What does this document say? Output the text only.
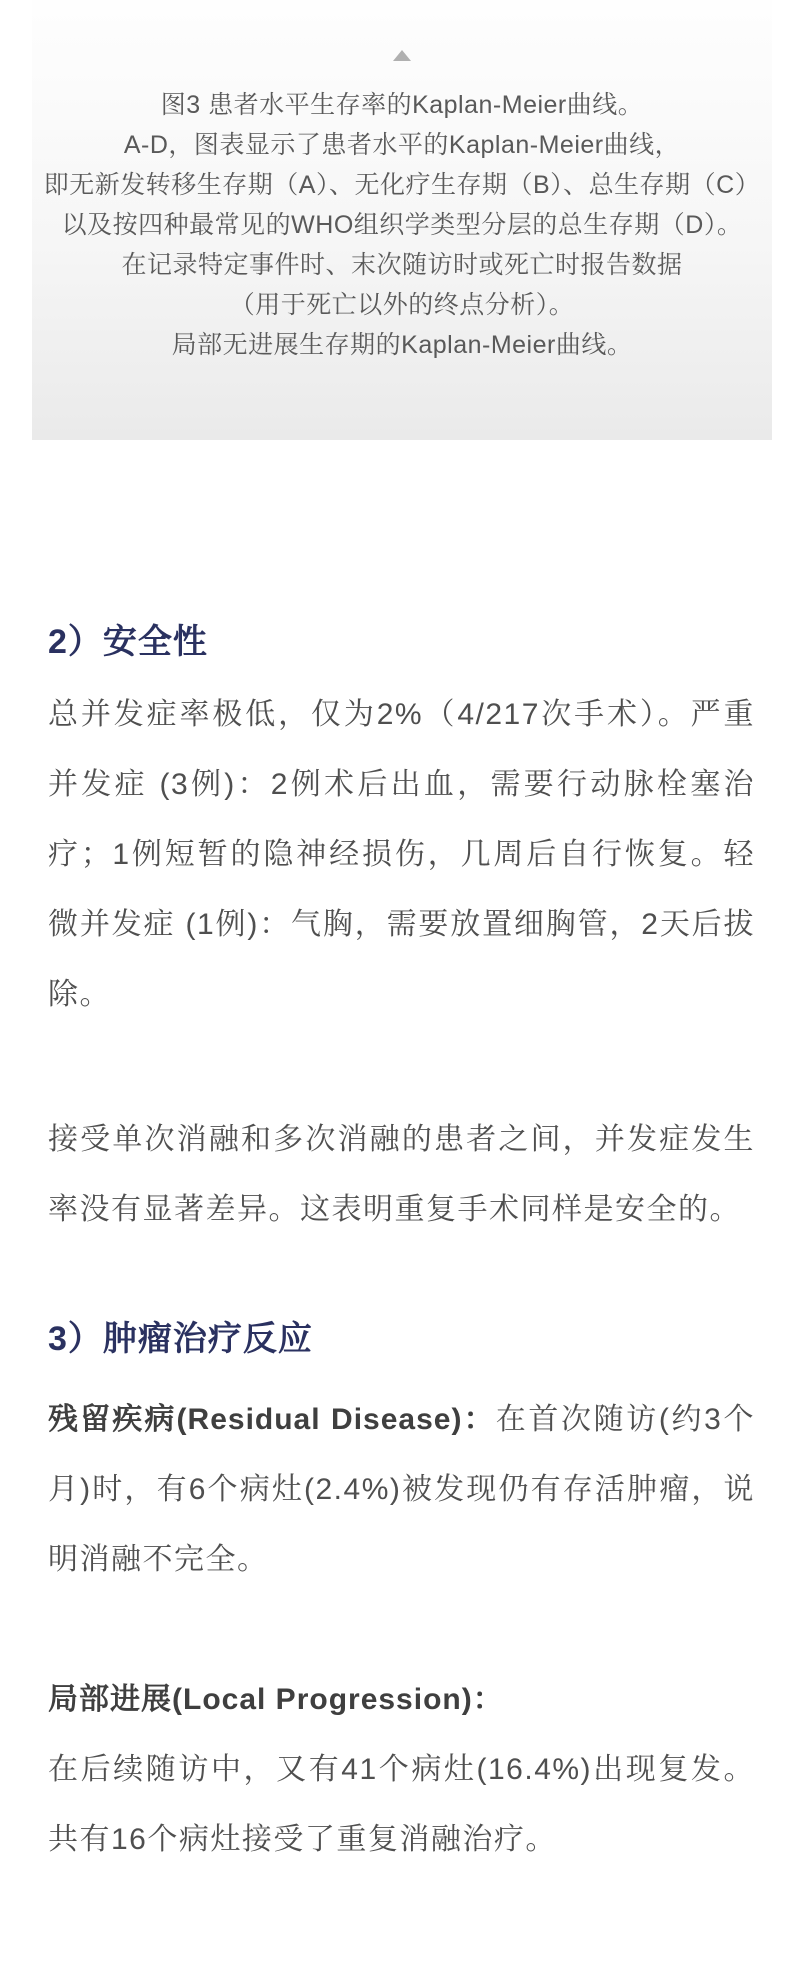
图3 患者水平生存率的Kaplan-Meier曲线。
A-D，图表显示了患者水平的Kaplan-Meier曲线，
即无新发转移生存期（A）、无化疗生存期（B）、总生存期（C）
以及按四种最常见的WHO组织学类型分层的总生存期（D）。
在记录特定事件时、末次随访时或死亡时报告数据
（用于死亡以外的终点分析）。
局部无进展生存期的Kaplan-Meier曲线。
2）安全性

总并发症率极低，仅为2%（4/217次手术）。严重并发症 (3例)：2例术后出血，需要行动脉栓塞治疗；1例短暂的隐神经损伤，几周后自行恢复。轻微并发症 (1例)：气胸，需要放置细胸管，2天后拔除。

接受单次消融和多次消融的患者之间，并发症发生率没有显著差异。这表明重复手术同样是安全的。

3）肿瘤治疗反应

残留疾病(Residual Disease)：在首次随访(约3个月)时，有6个病灶(2.4%)被发现仍有存活肿瘤，说明消融不完全。

局部进展(Local Progression)：

在后续随访中，又有41个病灶(16.4%)出现复发。共有16个病灶接受了重复消融治疗。
